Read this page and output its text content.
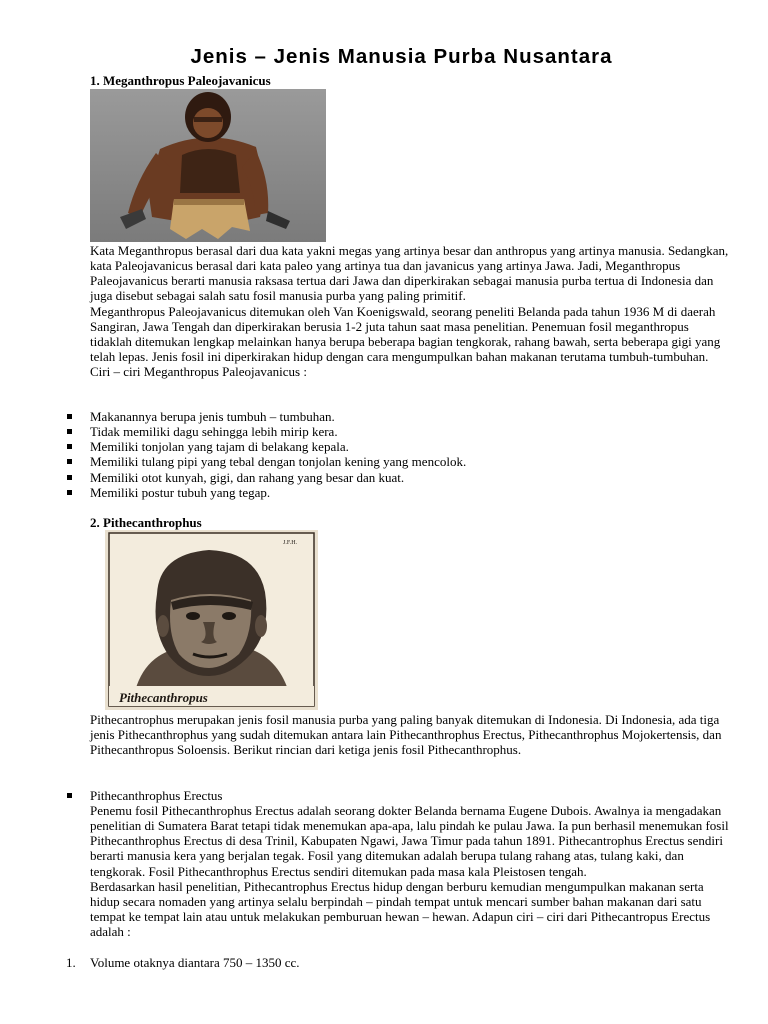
Jenis – Jenis Manusia Purba Nusantara
1. Meganthropus Paleojavanicus

Kata Meganthropus berasal dari dua kata yakni megas yang artinya besar dan anthropus yang artinya manusia. Sedangkan, kata Paleojavanicus berasal dari kata paleo yang artinya tua dan javanicus yang artinya Jawa. Jadi, Meganthropus Paleojavanicus berarti manusia raksasa tertua dari Jawa dan diperkirakan sebagai manusia purba tertua di Indonesia dan juga disebut sebagai salah satu fosil manusia purba yang paling primitif.

Meganthropus Paleojavanicus ditemukan oleh Van Koenigswald, seorang peneliti Belanda pada tahun 1936 M di daerah Sangiran, Jawa Tengah dan diperkirakan berusia 1-2 juta tahun saat masa penelitian. Penemuan fosil meganthropus tidaklah ditemukan lengkap melainkan hanya berupa beberapa bagian tengkorak, rahang bawah, serta beberapa gigi yang telah lepas. Jenis fosil ini diperkirakan hidup dengan cara mengumpulkan bahan makanan terutama tumbuh-tumbuhan.

Ciri – ciri Meganthropus Paleojavanicus :

Makanannya berupa jenis tumbuh – tumbuhan.
Tidak memiliki dagu sehingga lebih mirip kera.
Memiliki tonjolan yang tajam di belakang kepala.
Memiliki tulang pipi yang tebal dengan tonjolan kening yang mencolok.
Memiliki otot kunyah, gigi, dan rahang yang besar dan kuat.
Memiliki postur tubuh yang tegap.
2. Pithecanthrophus
Pithecanthropus
J.F.H.

Pithecantrophus merupakan jenis fosil manusia purba yang paling banyak ditemukan di Indonesia. Di Indonesia, ada tiga jenis Pithecanthrophus yang sudah ditemukan antara lain Pithecanthrophus Erectus, Pithecanthrophus Mojokertensis, dan Pithecanthropus Soloensis. Berikut rincian dari ketiga jenis fosil Pithecanthrophus.

Pithecanthrophus Erectus

Penemu fosil Pithecanthrophus Erectus adalah seorang dokter Belanda bernama Eugene Dubois. Awalnya ia mengadakan penelitian di Sumatera Barat tetapi tidak menemukan apa-apa, lalu pindah ke pulau Jawa. Ia pun berhasil menemukan fosil Pithecanthrophus Erectus di desa Trinil, Kabupaten Ngawi, Jawa Timur pada tahun 1891. Pithecantrophus Erectus sendiri berarti manusia kera yang berjalan tegak. Fosil yang ditemukan adalah berupa tulang rahang atas, tulang kaki, dan tengkorak. Fosil Pithecanthrophus Erectus sendiri ditemukan pada masa kala Pleistosen tengah.

Berdasarkan hasil penelitian, Pithecantrophus Erectus hidup dengan berburu kemudian mengumpulkan makanan serta hidup secara nomaden yang artinya selalu berpindah – pindah tempat untuk mencari sumber bahan makanan dari satu tempat ke tempat lain atau untuk melakukan pemburuan hewan – hewan. Adapun ciri – ciri dari Pithecantropus Erectus adalah :

1. Volume otaknya diantara 750 – 1350 cc.
